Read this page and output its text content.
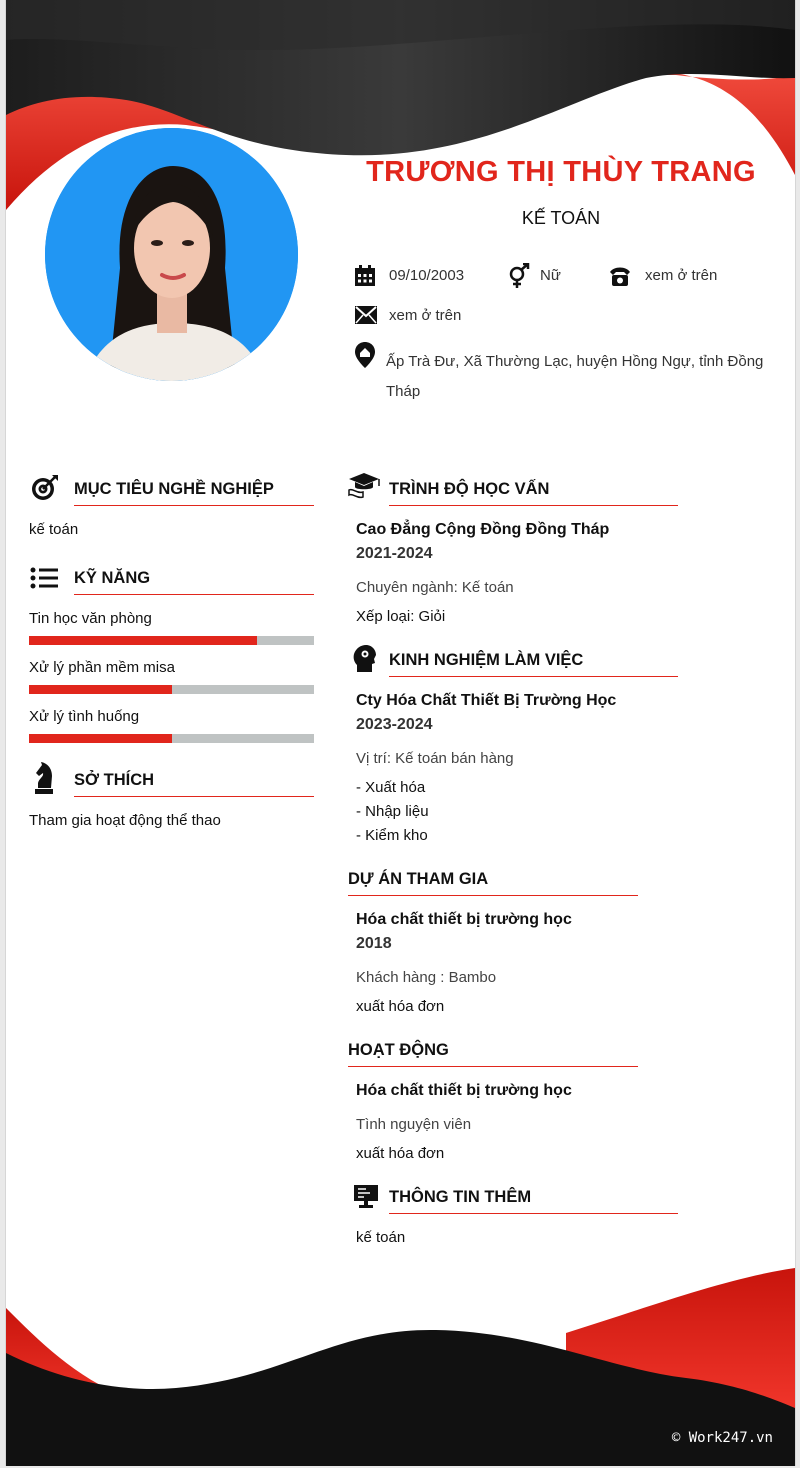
TRƯƠNG THỊ THÙY TRANG
KẾ TOÁN
09/10/2003	Nữ	xem ở trên
xem ở trên
Ấp Trà Đư, Xã Thường Lạc, huyện Hồng Ngự, tỉnh Đồng
Tháp
MỤC TIÊU NGHỀ NGHIỆP
kế toán
KỸ NĂNG
Tin học văn phòng
Xử lý phần mềm misa
Xử lý tình huống
SỞ THÍCH
Tham gia hoạt động thể thao
TRÌNH ĐỘ HỌC VẤN
Cao Đẳng Cộng Đồng Đồng Tháp
2021-2024
Chuyên ngành: Kế toán
Xếp loại: Giỏi
KINH NGHIỆM LÀM VIỆC
Cty Hóa Chất Thiết Bị Trường Học
2023-2024
Vị trí: Kế toán bán hàng
- Xuất hóa
- Nhập liệu
- Kiểm kho
DỰ ÁN THAM GIA
Hóa chất thiết bị trường học
2018
Khách hàng : Bambo
xuất hóa đơn
HOẠT ĐỘNG
Hóa chất thiết bị trường học
Tình nguyện viên
xuất hóa đơn
THÔNG TIN THÊM
kế toán
© Work247.vn
